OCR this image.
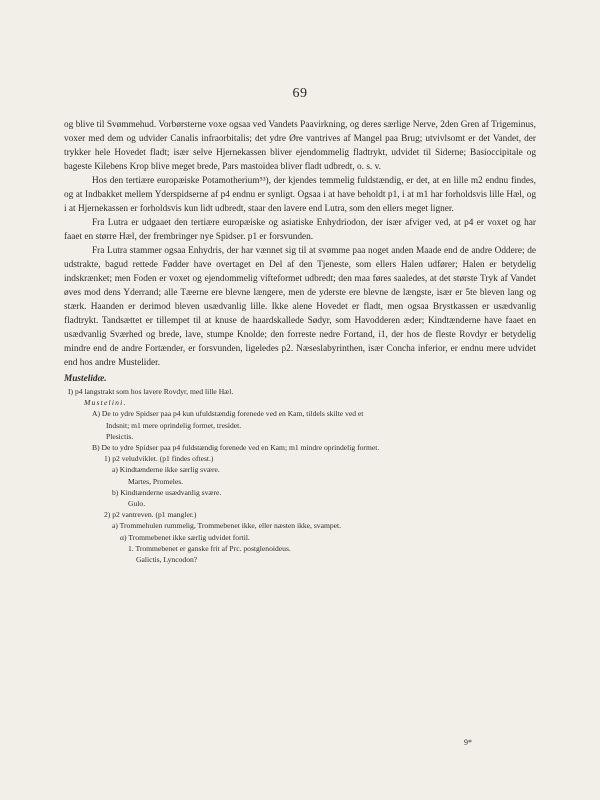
69

og blive til Svømmehud. Vorbørsterne voxe ogsaa ved Vandets Paavirkning, og deres særlige Nerve, 2den Gren af Trigeminus, voxer med dem og udvider Canalis infraorbitalis; det ydre Øre vantrives af Mangel paa Brug; utvivlsomt er det Vandet, der trykker hele Hovedet fladt; især selve Hjernekassen bliver ejendommelig fladtrykt, udvidet til Siderne; Basioccipitale og bageste Kilebens Krop blive meget brede, Pars mastoidea bliver fladt udbredt, o. s. v.

Hos den tertiære europæiske Potamotherium⁵³), der kjendes temmelig fuldstændig, er det, at en lille m2 endnu findes, og at Indbakket mellem Yderspidserne af p4 endnu er synligt. Ogsaa i at have beholdt p1, i at m1 har forholdsvis lille Hæl, og i at Hjernekassen er forholdsvis kun lidt udbredt, staar den lavere end Lutra, som den ellers meget ligner.

Fra Lutra er udgaaet den tertiære europæiske og asiatiske Enhydriodon, der især afviger ved, at p4 er voxet og har faaet en større Hæl, der frembringer nye Spidser. p1 er forsvunden.

Fra Lutra stammer ogsaa Enhydris, der har vænnet sig til at svømme paa noget anden Maade end de andre Oddere; de udstrakte, bagud rettede Fødder have overtaget en Del af den Tjeneste, som ellers Halen udfører; Halen er betydelig indskrænket; men Foden er voxet og ejendommelig vifteformet udbredt; den maa føres saaledes, at det største Tryk af Vandet øves mod dens Yderrand; alle Tæerne ere blevne længere, men de yderste ere blevne de længste, især er 5te bleven lang og stærk. Haanden er derimod bleven usædvanlig lille. Ikke alene Hovedet er fladt, men ogsaa Brystkassen er usædvanlig fladtrykt. Tandsættet er tillempet til at knuse de haardskallede Sødyr, som Havodderen æder; Kindtænderne have faaet en usædvanlig Sværhed og brede, lave, stumpe Knolde; den forreste nedre Fortand, i1, der hos de fleste Rovdyr er betydelig mindre end de andre Fortænder, er forsvunden, ligeledes p2. Næseslabyrinthen, især Concha inferior, er endnu mere udvidet end hos andre Mustelider.

Mustelidæ.
I) p4 langstrakt som hos lavere Rovdyr, med lille Hæl.
Mustelini.
A) De to ydre Spidser paa p4 kun ufuldstændig forenede ved en Kam, tildels skilte ved et
Indsnit; m1 mere oprindelig formet, tresidet.
Plesictis.
B) De to ydre Spidser paa p4 fuldstændig forenede ved en Kam; m1 mindre oprindelig formet.
1) p2 veludviklet. (p1 findes oftest.)
a) Kindtænderne ikke særlig svære.
Martes, Promeles.
b) Kindtænderne usædvanlig svære.
Gulo.
2) p2 vantreven. (p1 mangler.)
a) Trommehulen rummelig, Trommebenet ikke, eller næsten ikke, svampet.
α) Trommebenet ikke særlig udvidet fortil.
1. Trommebenet er ganske frit af Prc. postglenoideus.
Galictis, Lyncodon?
9*
